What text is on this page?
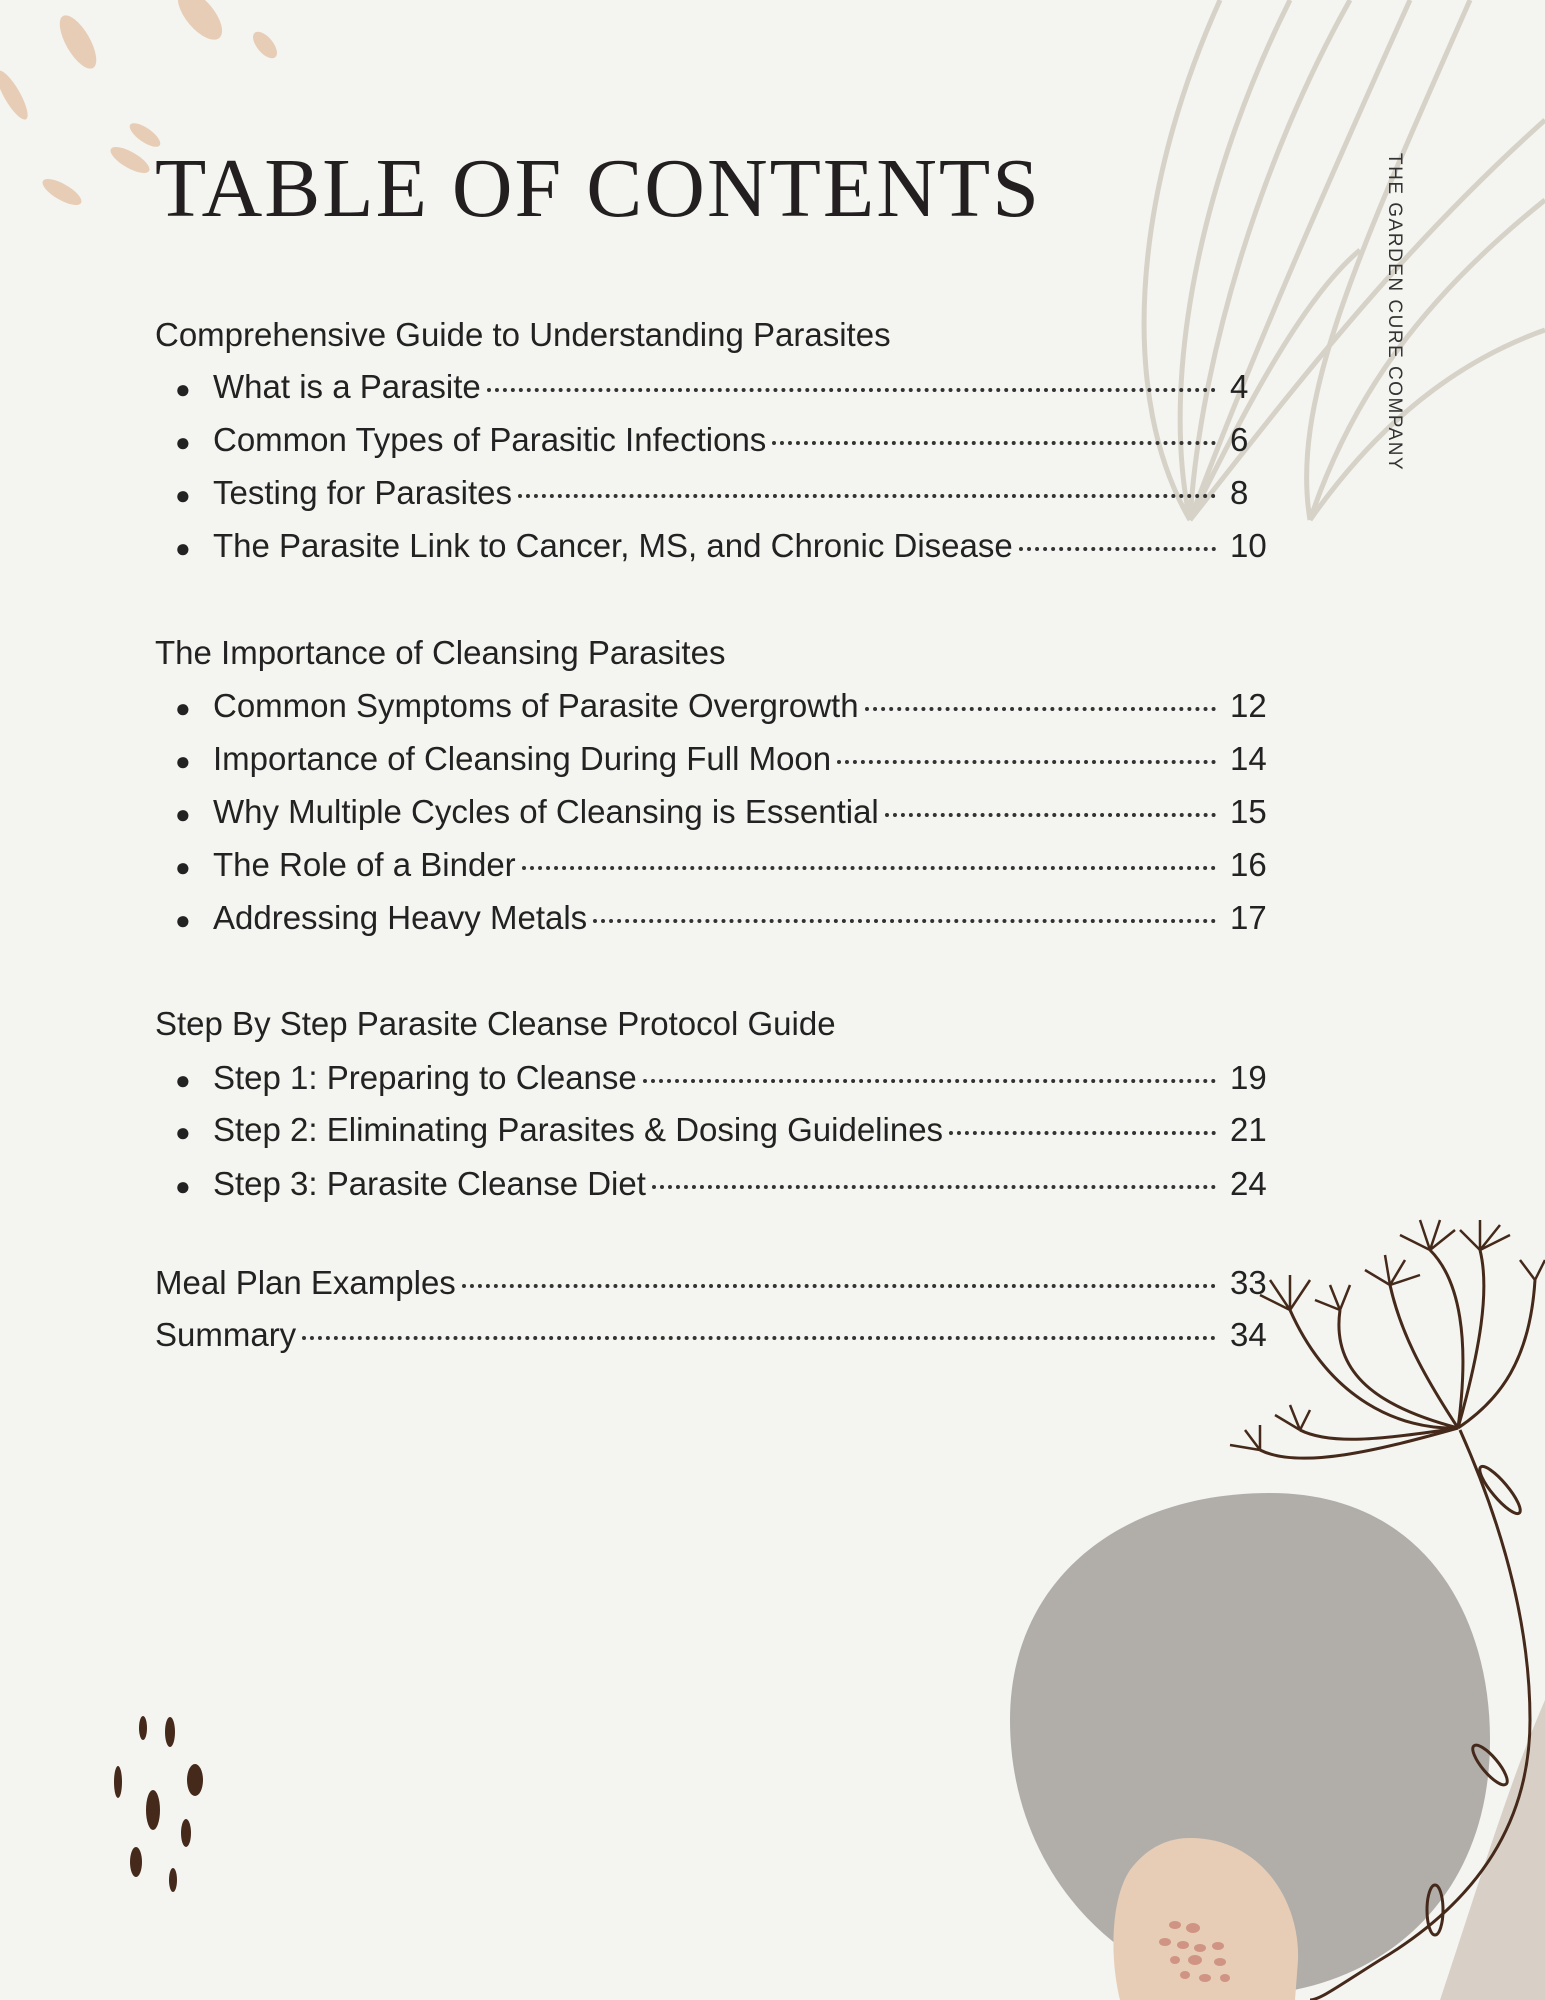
TABLE OF CONTENTS	THE GARDEN CURE COMPANY
Comprehensive Guide to Understanding Parasites
● What is a Parasite	4
● Common Types of Parasitic Infections	6
● Testing for Parasites	8
● The Parasite Link to Cancer, MS, and Chronic Disease	10
The Importance of Cleansing Parasites
● Common Symptoms of Parasite Overgrowth	12
● Importance of Cleansing During Full Moon	14
● Why Multiple Cycles of Cleansing is Essential	15
● The Role of a Binder	16
● Addressing Heavy Metals	17
Step By Step Parasite Cleanse Protocol Guide
● Step 1: Preparing to Cleanse	19
● Step 2: Eliminating Parasites & Dosing Guidelines	21
● Step 3: Parasite Cleanse Diet	24
Meal Plan Examples	33
Summary	34
